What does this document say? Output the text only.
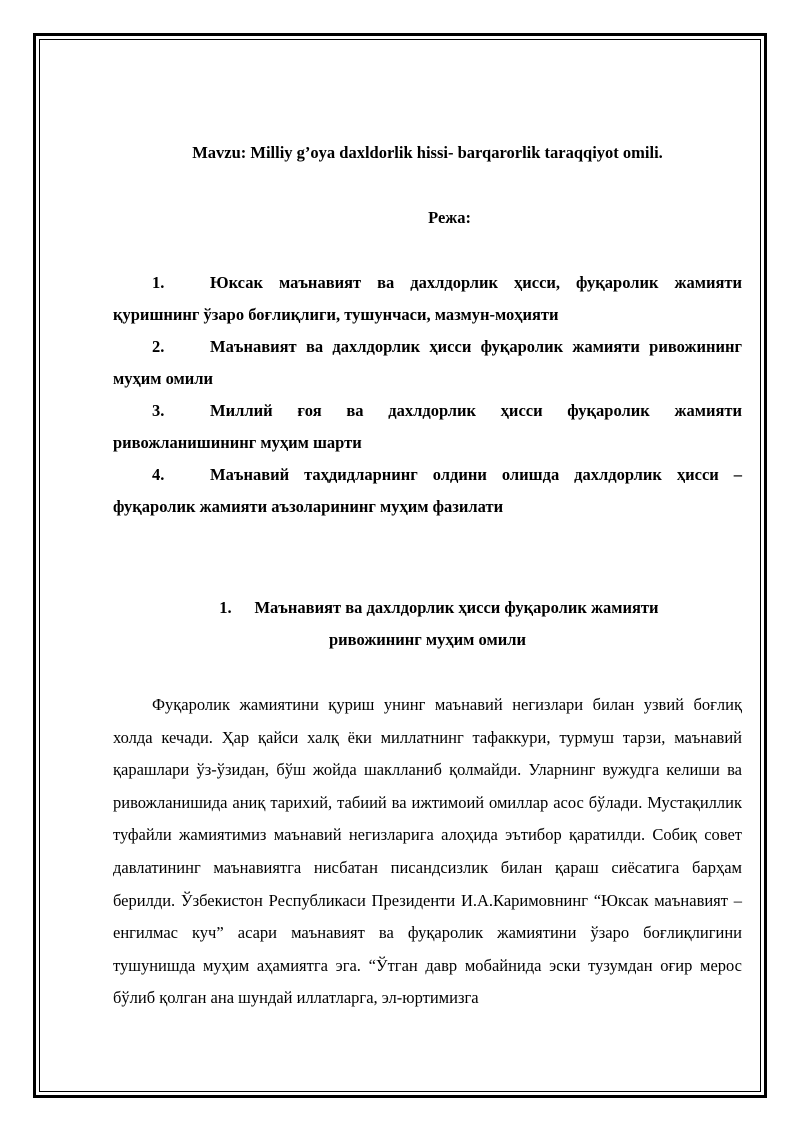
Mavzu: Milliy g’oya daxldorlik hissi- barqarorlik taraqqiyot omili.

Режа:

1.	Юксак маънавият ва дахлдорлик ҳисси, фуқаролик жамияти қуришнинг ўзаро боғлиқлиги, тушунчаси, мазмун-моҳияти
2.	Маънавият ва дахлдорлик ҳисси фуқаролик жамияти ривожининг муҳим омили
3.	Миллий ғоя ва дахлдорлик ҳисси фуқаролик жамияти ривожланишининг муҳим шарти
4.	Маънавий таҳдидларнинг олдини олишда дахлдорлик ҳисси – фуқаролик жамияти аъзоларининг муҳим фазилати
1. Маънавият ва дахлдорлик ҳисси фуқаролик жамияти
ривожининг муҳим омили

Фуқаролик жамиятини қуриш унинг маънавий негизлари билан узвий боғлиқ холда кечади. Ҳар қайси халқ ёки миллатнинг тафаккури, турмуш тарзи, маънавий қарашлари ўз-ўзидан, бўш жойда шаклланиб қолмайди. Уларнинг вужудга келиши ва ривожланишида аниқ тарихий, табиий ва ижтимоий омиллар асос бўлади. Мустақиллик туфайли жамиятимиз маънавий негизларига алоҳида эътибор қаратилди. Собиқ совет давлатининг маънавиятга нисбатан писандсизлик билан қараш сиёсатига барҳам берилди. Ўзбекистон Республикаси Президенти И.А.Каримовнинг “Юксак маънавият – енгилмас куч” асари маънавият ва фуқаролик жамиятини ўзаро боғлиқлигини тушунишда муҳим аҳамиятга эга. “Ўтган давр мобайнида эски тузумдан оғир мерос бўлиб қолган ана шундай иллатларга, эл-юртимизга
